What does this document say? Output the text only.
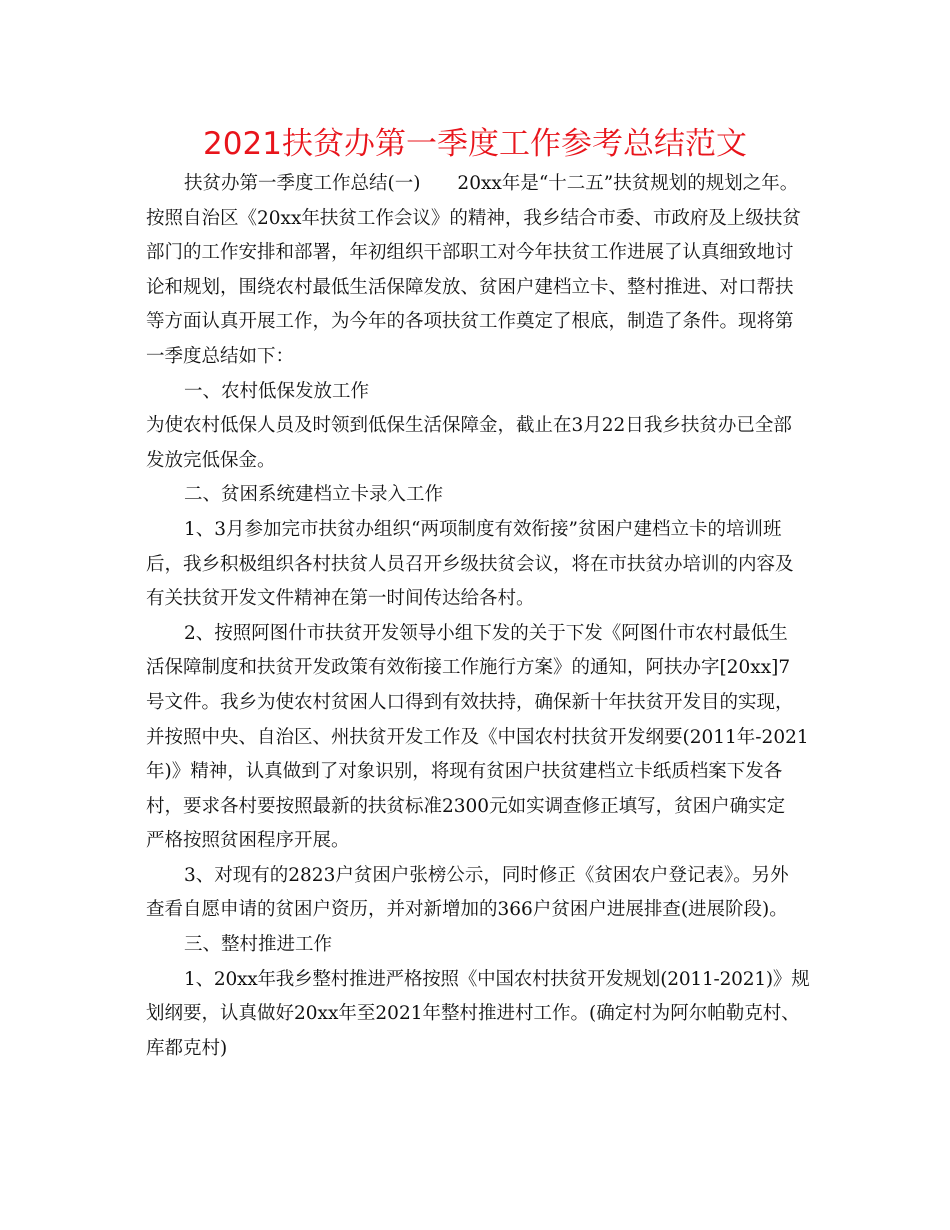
2021扶贫办第一季度工作参考总结范文
扶贫办第一季度工作总结(一)　　20xx年是“十二五”扶贫规划的规划之年。
按照自治区《20xx年扶贫工作会议》的精神，我乡结合市委、市政府及上级扶贫
部门的工作安排和部署，年初组织干部职工对今年扶贫工作进展了认真细致地讨
论和规划，围绕农村最低生活保障发放、贫困户建档立卡、整村推进、对口帮扶
等方面认真开展工作，为今年的各项扶贫工作奠定了根底，制造了条件。现将第
一季度总结如下：
一、农村低保发放工作
为使农村低保人员及时领到低保生活保障金，截止在3月22日我乡扶贫办已全部
发放完低保金。
二、贫困系统建档立卡录入工作
1、3月参加完市扶贫办组织“两项制度有效衔接”贫困户建档立卡的培训班
后，我乡积极组织各村扶贫人员召开乡级扶贫会议，将在市扶贫办培训的内容及
有关扶贫开发文件精神在第一时间传达给各村。
2、按照阿图什市扶贫开发领导小组下发的关于下发《阿图什市农村最低生
活保障制度和扶贫开发政策有效衔接工作施行方案》的通知，阿扶办字[20xx]7
号文件。我乡为使农村贫困人口得到有效扶持，确保新十年扶贫开发目的实现，
并按照中央、自治区、州扶贫开发工作及《中国农村扶贫开发纲要(2011年-2021
年)》精神，认真做到了对象识别，将现有贫困户扶贫建档立卡纸质档案下发各
村，要求各村要按照最新的扶贫标准2300元如实调查修正填写，贫困户确实定
严格按照贫困程序开展。
3、对现有的2823户贫困户张榜公示，同时修正《贫困农户登记表》。另外
查看自愿申请的贫困户资历，并对新增加的366户贫困户进展排查(进展阶段)。
三、整村推进工作
1、20xx年我乡整村推进严格按照《中国农村扶贫开发规划(2011-2021)》规
划纲要，认真做好20xx年至2021年整村推进村工作。(确定村为阿尔帕勒克村、
库都克村)
